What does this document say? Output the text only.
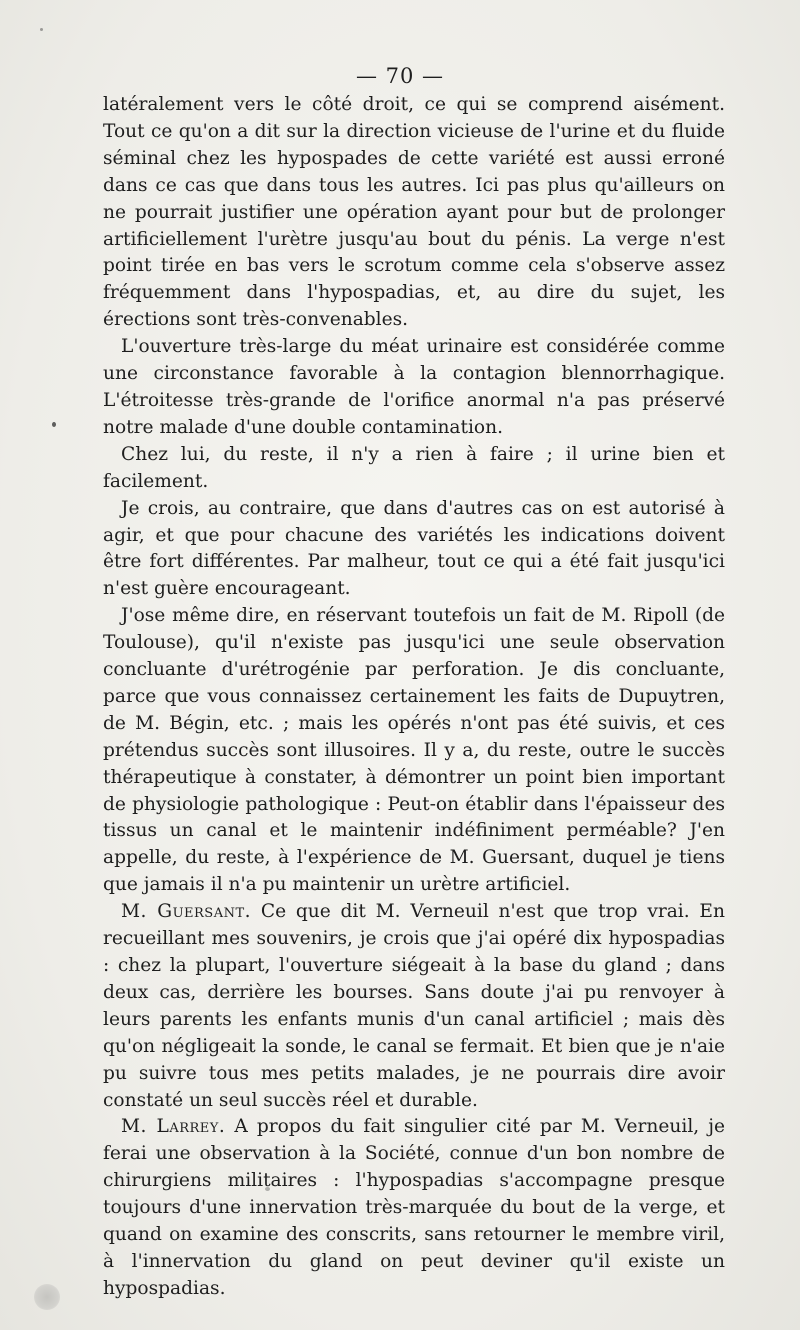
— 70 —

latéralement vers le côté droit, ce qui se comprend aisément. Tout ce qu'on a dit sur la direction vicieuse de l'urine et du fluide séminal chez les hypospades de cette variété est aussi erroné dans ce cas que dans tous les autres. Ici pas plus qu'ailleurs on ne pourrait justifier une opération ayant pour but de prolonger artificiellement l'urètre jusqu'au bout du pénis. La verge n'est point tirée en bas vers le scrotum comme cela s'observe assez fréquemment dans l'hypospadias, et, au dire du sujet, les érections sont très-convenables.

L'ouverture très-large du méat urinaire est considérée comme une circonstance favorable à la contagion blennorrhagique. L'étroitesse très-grande de l'orifice anormal n'a pas préservé notre malade d'une double contamination.

Chez lui, du reste, il n'y a rien à faire ; il urine bien et facilement.

Je crois, au contraire, que dans d'autres cas on est autorisé à agir, et que pour chacune des variétés les indications doivent être fort différentes. Par malheur, tout ce qui a été fait jusqu'ici n'est guère encourageant.

J'ose même dire, en réservant toutefois un fait de M. Ripoll (de Toulouse), qu'il n'existe pas jusqu'ici une seule observation concluante d'urétrogénie par perforation. Je dis concluante, parce que vous connaissez certainement les faits de Dupuytren, de M. Bégin, etc. ; mais les opérés n'ont pas été suivis, et ces prétendus succès sont illusoires. Il y a, du reste, outre le succès thérapeutique à constater, à démontrer un point bien important de physiologie pathologique : Peut-on établir dans l'épaisseur des tissus un canal et le maintenir indéfiniment perméable? J'en appelle, du reste, à l'expérience de M. Guersant, duquel je tiens que jamais il n'a pu maintenir un urètre artificiel.

M. Guersant. Ce que dit M. Verneuil n'est que trop vrai. En recueillant mes souvenirs, je crois que j'ai opéré dix hypospadias : chez la plupart, l'ouverture siégeait à la base du gland ; dans deux cas, derrière les bourses. Sans doute j'ai pu renvoyer à leurs parents les enfants munis d'un canal artificiel ; mais dès qu'on négligeait la sonde, le canal se fermait. Et bien que je n'aie pu suivre tous mes petits malades, je ne pourrais dire avoir constaté un seul succès réel et durable.

M. Larrey. A propos du fait singulier cité par M. Verneuil, je ferai une observation à la Société, connue d'un bon nombre de chirurgiens militaires : l'hypospadias s'accompagne presque toujours d'une innervation très-marquée du bout de la verge, et quand on examine des conscrits, sans retourner le membre viril, à l'innervation du gland on peut deviner qu'il existe un hypospadias.
